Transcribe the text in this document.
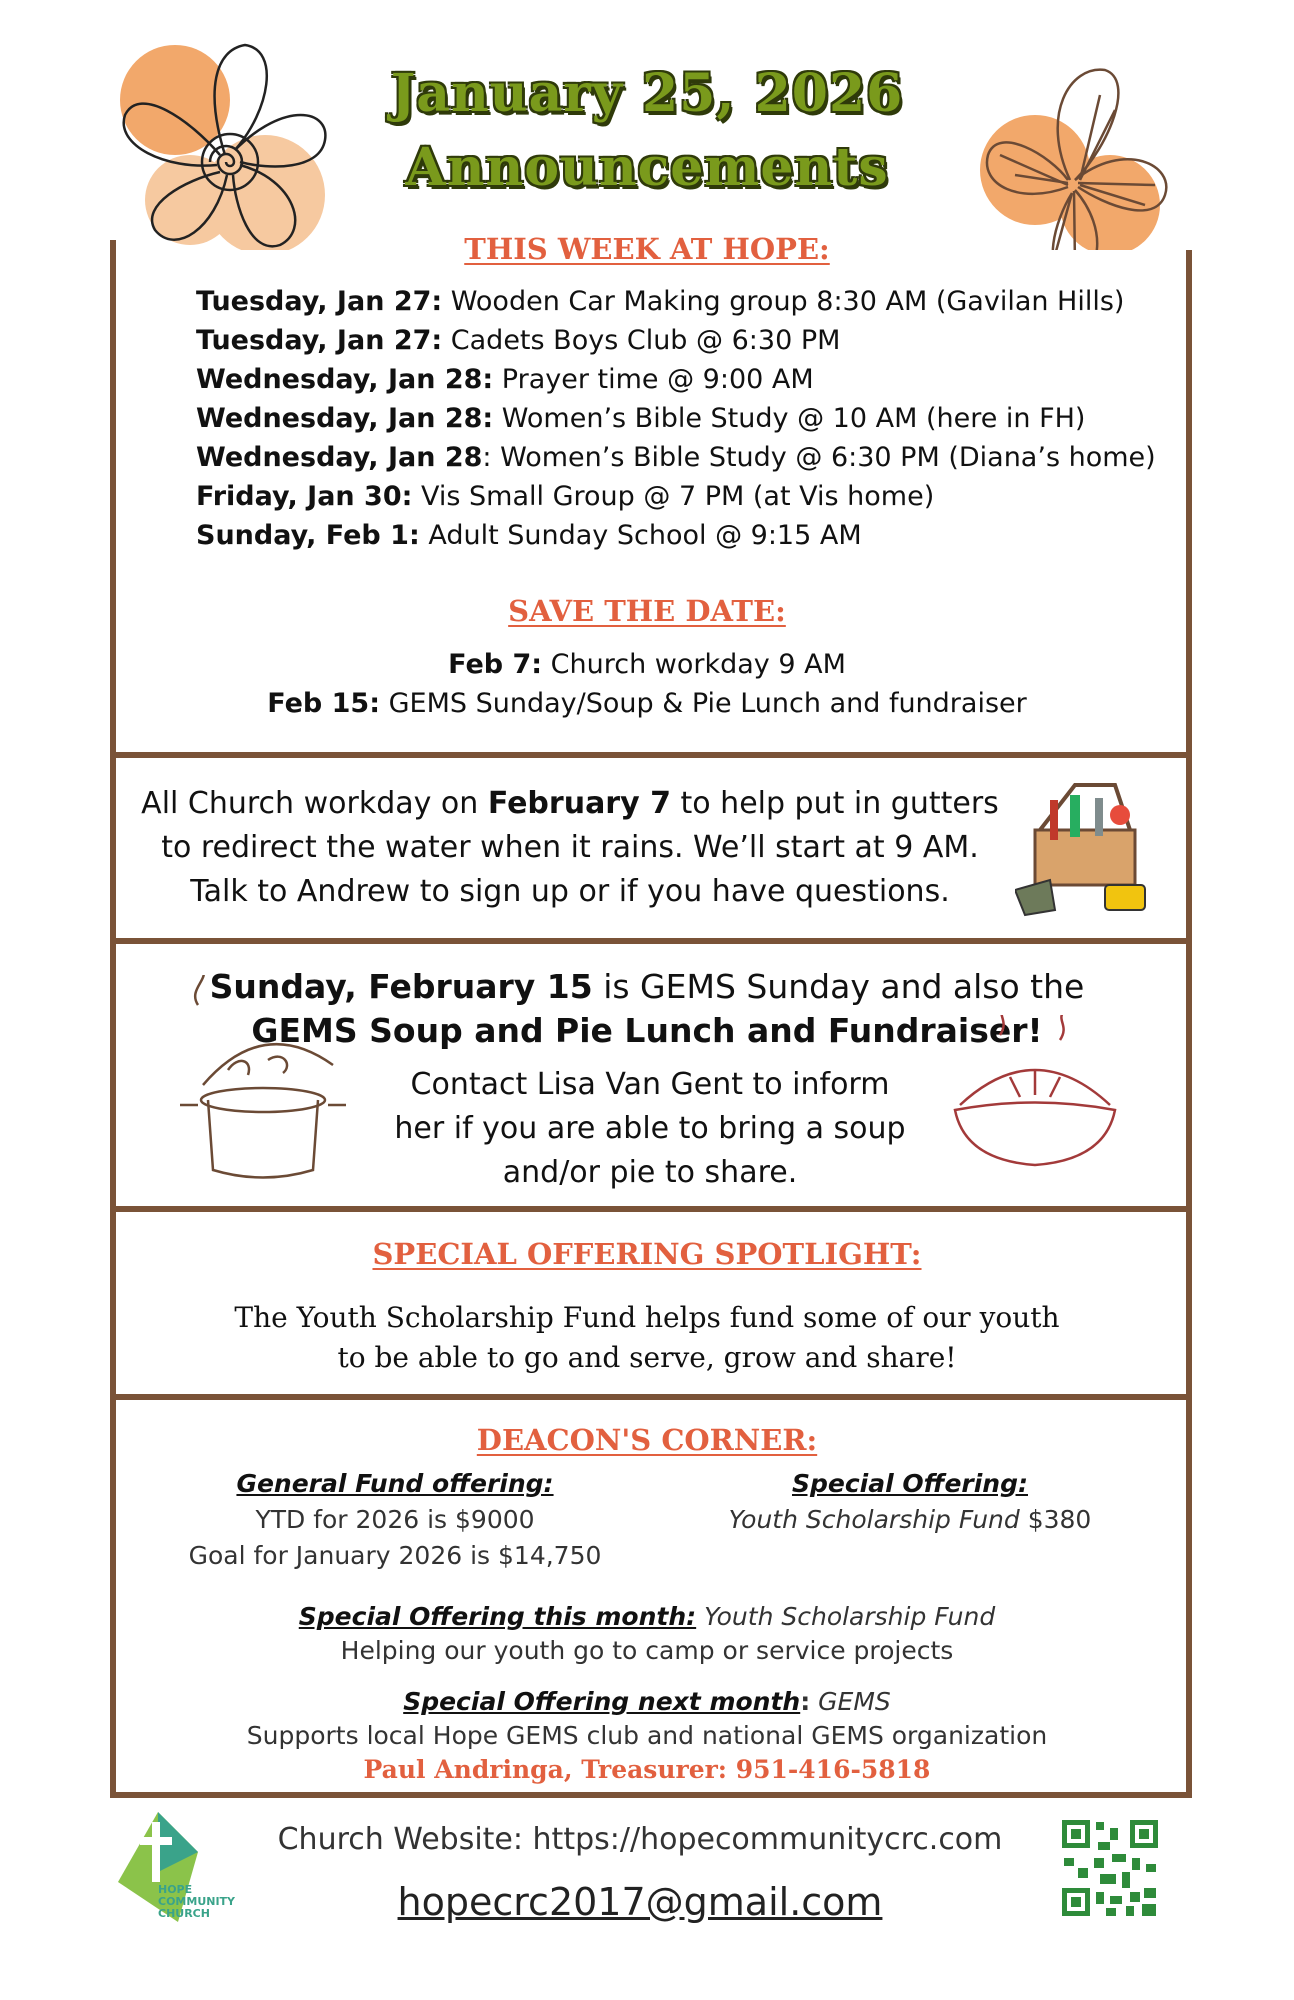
January 25, 2026
Announcements
THIS WEEK AT HOPE:
Tuesday, Jan 27: Wooden Car Making group 8:30 AM (Gavilan Hills)
Tuesday, Jan 27: Cadets Boys Club @ 6:30 PM
Wednesday, Jan 28: Prayer time @ 9:00 AM
Wednesday, Jan 28: Women’s Bible Study @ 10 AM (here in FH)
Wednesday, Jan 28: Women’s Bible Study @ 6:30 PM (Diana’s home)
Friday, Jan 30: Vis Small Group @ 7 PM (at Vis home)
Sunday, Feb 1: Adult Sunday School @ 9:15 AM
SAVE THE DATE:
Feb 7: Church workday 9 AM
Feb 15: GEMS Sunday/Soup & Pie Lunch and fundraiser
All Church workday on February 7 to help put in gutters
to redirect the water when it rains. We’ll start at 9 AM.
Talk to Andrew to sign up or if you have questions.
Sunday, February 15 is GEMS Sunday and also the
GEMS Soup and Pie Lunch and Fundraiser!
Contact Lisa Van Gent to inform
her if you are able to bring a soup
and/or pie to share.
SPECIAL OFFERING SPOTLIGHT:
The Youth Scholarship Fund helps fund some of our youth
to be able to go and serve, grow and share!
DEACON'S CORNER:
General Fund offering:
YTD for 2026 is $9000
Goal for January 2026 is $14,750
Special Offering:
Youth Scholarship Fund $380
Special Offering this month: Youth Scholarship Fund
Helping our youth go to camp or service projects
Special Offering next month: GEMS
Supports local Hope GEMS club and national GEMS organization
Paul Andringa, Treasurer: 951-416-5818
HOPE
COMMUNITY
CHURCH
Church Website: https://hopecommunitycrc.com
hopecrc2017@gmail.com
